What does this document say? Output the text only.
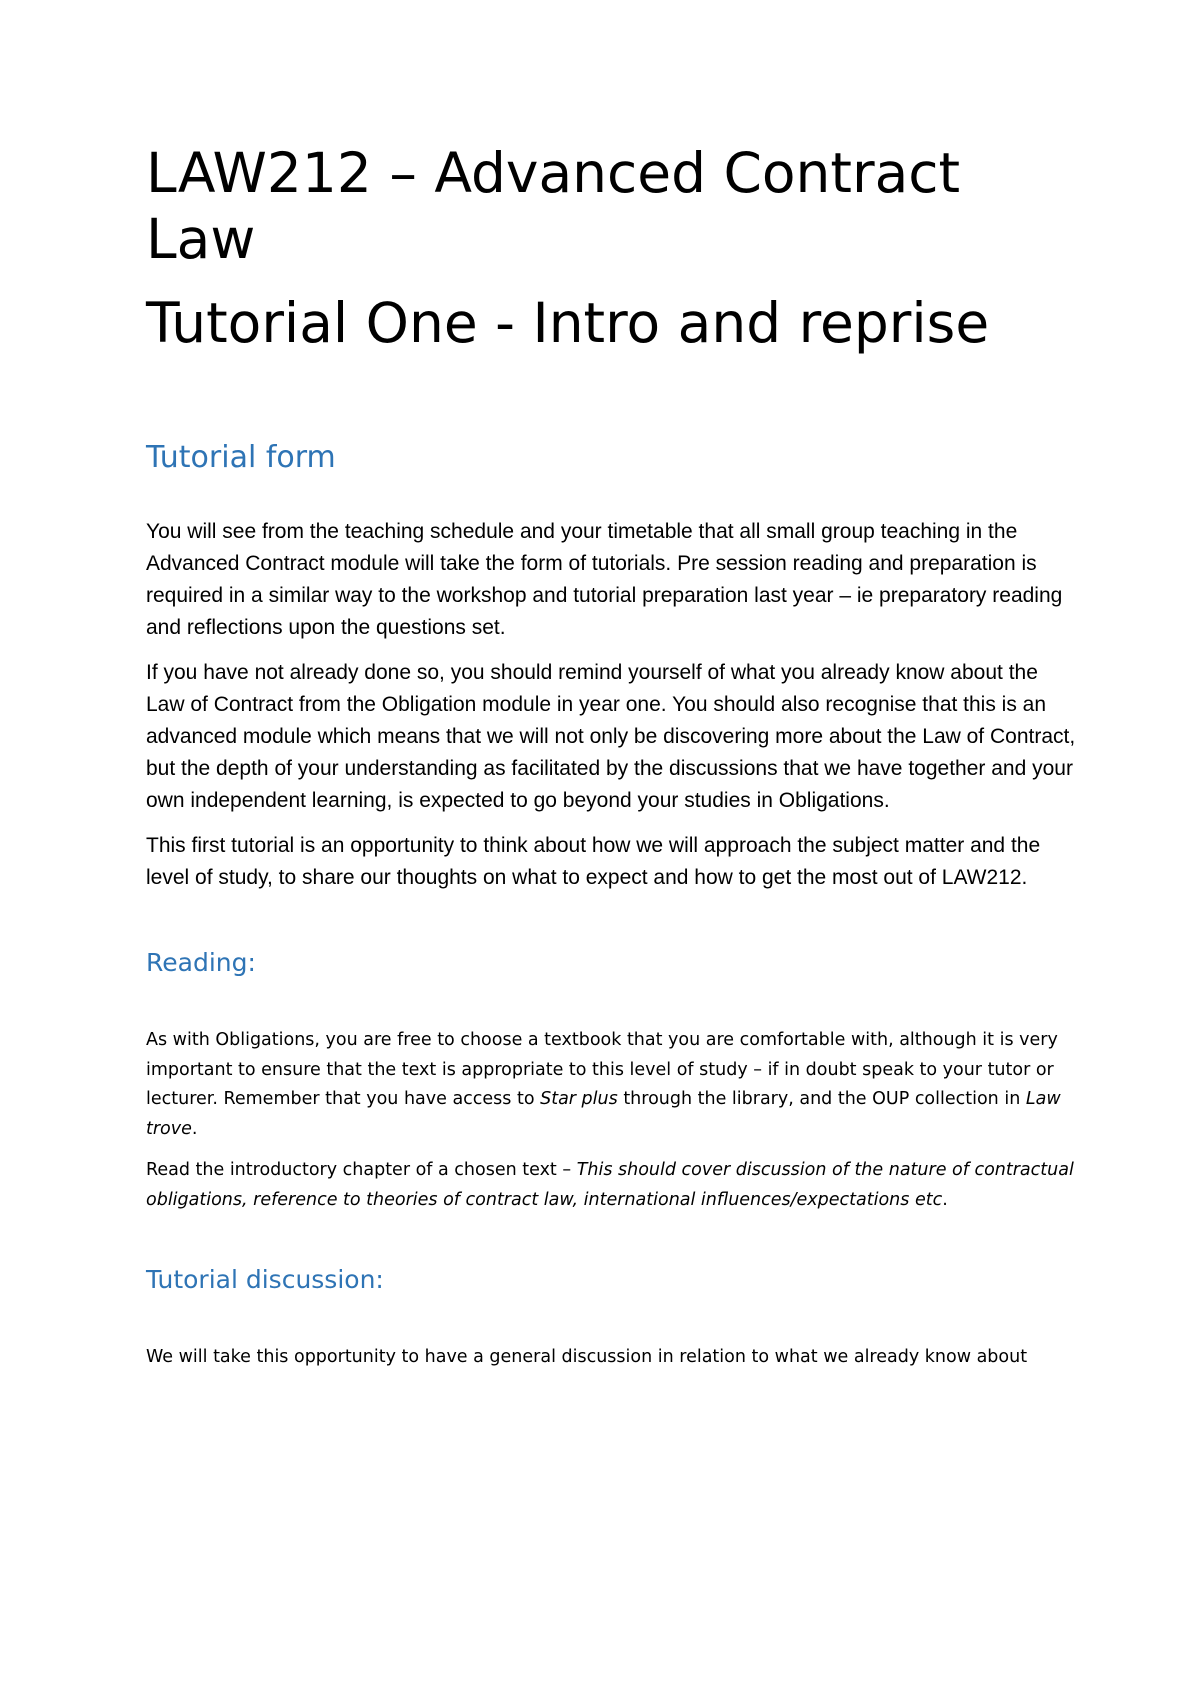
LAW212 – Advanced Contract Law
Tutorial One - Intro and reprise
Tutorial form

You will see from the teaching schedule and your timetable that all small group teaching in the Advanced Contract module will take the form of tutorials. Pre session reading and preparation is required in a similar way to the workshop and tutorial preparation last year – ie preparatory reading and reflections upon the questions set.

If you have not already done so, you should remind yourself of what you already know about the Law of Contract from the Obligation module in year one. You should also recognise that this is an advanced module which means that we will not only be discovering more about the Law of Contract, but the depth of your understanding as facilitated by the discussions that we have together and your own independent learning, is expected to go beyond your studies in Obligations.

This first tutorial is an opportunity to think about how we will approach the subject matter and the level of study, to share our thoughts on what to expect and how to get the most out of LAW212.

Reading:

As with Obligations, you are free to choose a textbook that you are comfortable with, although it is very important to ensure that the text is appropriate to this level of study – if in doubt speak to your tutor or lecturer. Remember that you have access to Star plus through the library, and the OUP collection in Law trove.

Read the introductory chapter of a chosen text – This should cover discussion of the nature of contractual obligations, reference to theories of contract law, international influences/expectations etc.

Tutorial discussion:

We will take this opportunity to have a general discussion in relation to what we already know about
